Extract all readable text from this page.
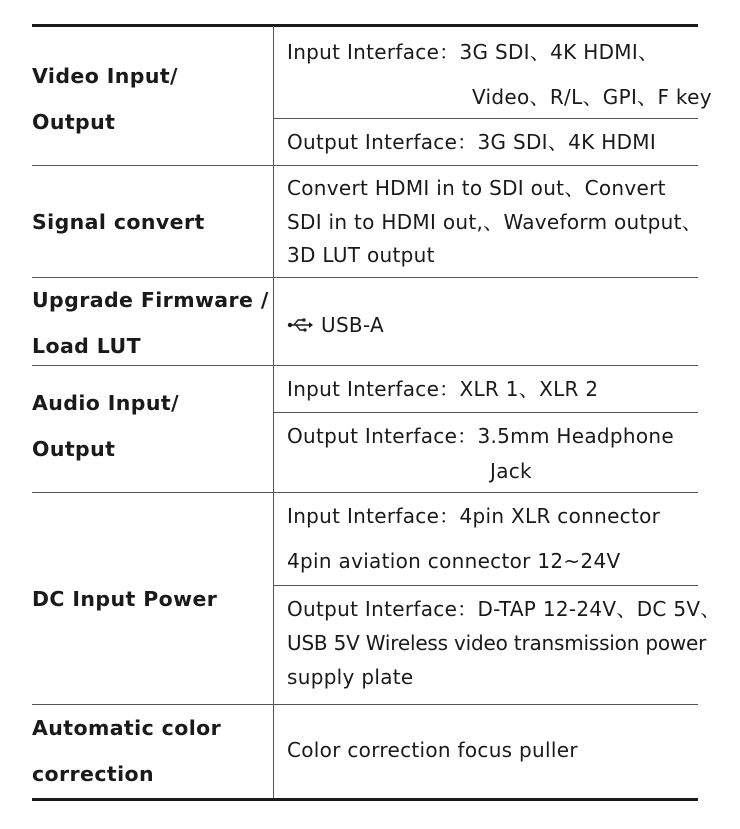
Video Input/
Output
Input Interface：3G SDI、4K HDMI、
Video、R/L、GPI、F key
Output Interface：3G SDI、4K HDMI
Signal convert
Convert HDMI in to SDI out、Convert
SDI in to HDMI out,、Waveform output、
3D LUT output
Upgrade Firmware /
Load LUT
USB-A
Audio Input/
Output
Input Interface：XLR 1、XLR 2
Output Interface：3.5mm Headphone
Jack
DC Input Power
Input Interface：4pin XLR connector
4pin aviation connector 12~24V
Output Interface：D-TAP 12-24V、DC 5V、
USB 5V Wireless video transmission power
supply plate
Automatic color
correction
Color correction focus puller
